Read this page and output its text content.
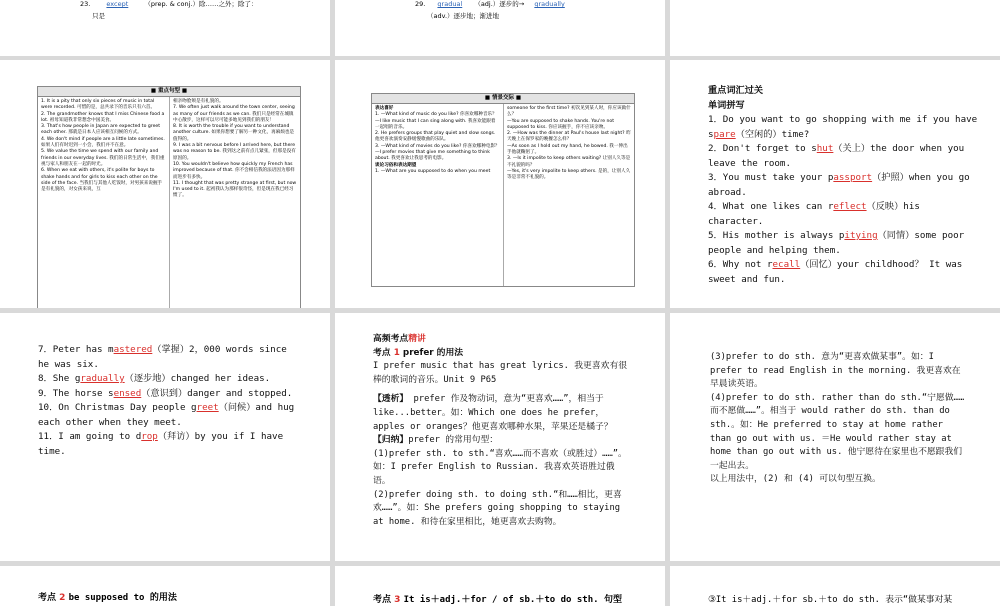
23. except （prep. & conj.）除……之外；除了：
只是
29. gradual （adj.）逐步的→ gradually
（adv.）逐步地；渐进地
■ 重点句型 ■

1. It is a pity that only six pieces of music in total were recorded. 可惜的是，总共录下的音乐只有六首。

2. The grandmother knows that I miss Chinese food a lot. 祖母知道我非常想念中国美食。

3. That's how people in Japan are expected to greet each other. 那就是日本人应该相互问候的方式。

4. We don't mind if people are a little late sometimes. 如果人们有时迟到一小会，我们并不在意。

5. We value the time we spend with our family and friends in our everyday lives. 我们的日常生活中，我们重视与家人和朋友在一起的时光。

6. When we eat with others, it's polite for boys to shake hands and for girls to kiss each other on the side of the face. 当我们与其他人吃饭时，对男孩来说握手是有礼貌的，对女孩来说，互

相亲吻脸颊是有礼貌的。

7. We often just walk around the town center, seeing as many of our friends as we can. 我们只是经常在城镇中心散步，这样可以尽可能多地见到我们的朋友！

8. It is worth the trouble if you want to understand another culture. 如果你想要了解另一种文化，再麻烦也是值得的。

9. I was a bit nervous before I arrived here, but there was no reason to be. 我到这之前有点儿紧张，但那是没有原因的。

10. You wouldn't believe how quickly my French has improved because of that. 你不会相信我的法语因为那样而进步有多快。

11. I thought that was pretty strange at first, but now I'm used to it. 起初我认为那样很奇怪，但是现在我已经习惯了。

■ 情景交际 ■

表达喜好

1. —What kind of music do you like? 你喜欢哪种音乐？

—I like music that I can sing along with. 我喜欢能跟着一起唱的音乐。

2. He prefers groups that play quiet and slow songs. 他更喜欢演奏安静缓慢歌曲的乐队。

3. —What kind of movies do you like? 你喜欢哪种电影？

—I prefer movies that give me something to think about. 我更喜欢让我思考的电影。

谈论习俗和表达期望

1. —What are you supposed to do when you meet

someone for the first time? 初次见到某人时，你应该做什么？

—You are supposed to shake hands. You're not supposed to kiss. 你应该握手，你不应该亲吻。

2. —How was the dinner at Paul's house last night? 昨天晚上在保罗家的晚餐怎么样？

—As soon as I hold out my hand, he bowed. 我一伸出手他就鞠躬了。

3. —Is it impolite to keep others waiting? 让别人久等是不礼貌的吗？

—Yes, it's very impolite to keep others. 是的，让别人久等是非常不礼貌的。

重点词汇过关

单词拼写

1．Do you want to go shopping with me if you have spare（空闲的）time?

2．Don't forget to shut（关上）the door when you leave the room.

3．You must take your passport（护照）when you go abroad.

4．What one likes can reflect（反映）his character.

5．His mother is always pitying（同情）some poor people and helping them.

6．Why not recall（回忆）your childhood？ It was sweet and fun.

7．Peter has mastered（掌握）2，000 words since he was six.

8．She gradually（逐步地）changed her ideas.

9．The horse sensed（意识到）danger and stopped.

10．On Christmas Day people greet（问候）and hug each other when they meet.

11．I am going to drop（拜访）by you if I have time.

高频考点精讲

考点 1 prefer 的用法

I prefer music that has great lyrics. 我更喜欢有很棒的歌词的音乐。Unit 9 P65

【透析】 prefer 作及物动词，意为“更喜欢……”，相当于 like...better。如：Which one does he prefer，apples or oranges？他更喜欢哪种水果，苹果还是橘子？

【归纳】prefer 的常用句型：

(1)prefer sth. to sth.“喜欢……而不喜欢（或胜过）……”。如：I prefer English to Russian. 我喜欢英语胜过俄语。

(2)prefer doing sth. to doing sth.“和……相比，更喜欢……”。如：She prefers going shopping to staying at home. 和待在家里相比，她更喜欢去购物。

(3)prefer to do sth. 意为“更喜欢做某事”。如：I prefer to read English in the morning. 我更喜欢在早晨读英语。

(4)prefer to do sth. rather than do sth.“宁愿做……而不愿做……”。相当于 would rather do sth. than do sth.。如：He preferred to stay at home rather than go out with us. ＝He would rather stay at home than go out with us. 他宁愿待在家里也不愿跟我们一起出去。

以上用法中，(2) 和 (4) 可以句型互换。

考点 2 be supposed to 的用法	考点 3 It is＋adj.＋for / of sb.＋to do sth. 句型	③It is＋adj.＋for sb.＋to do sth. 表示“做某事对某
